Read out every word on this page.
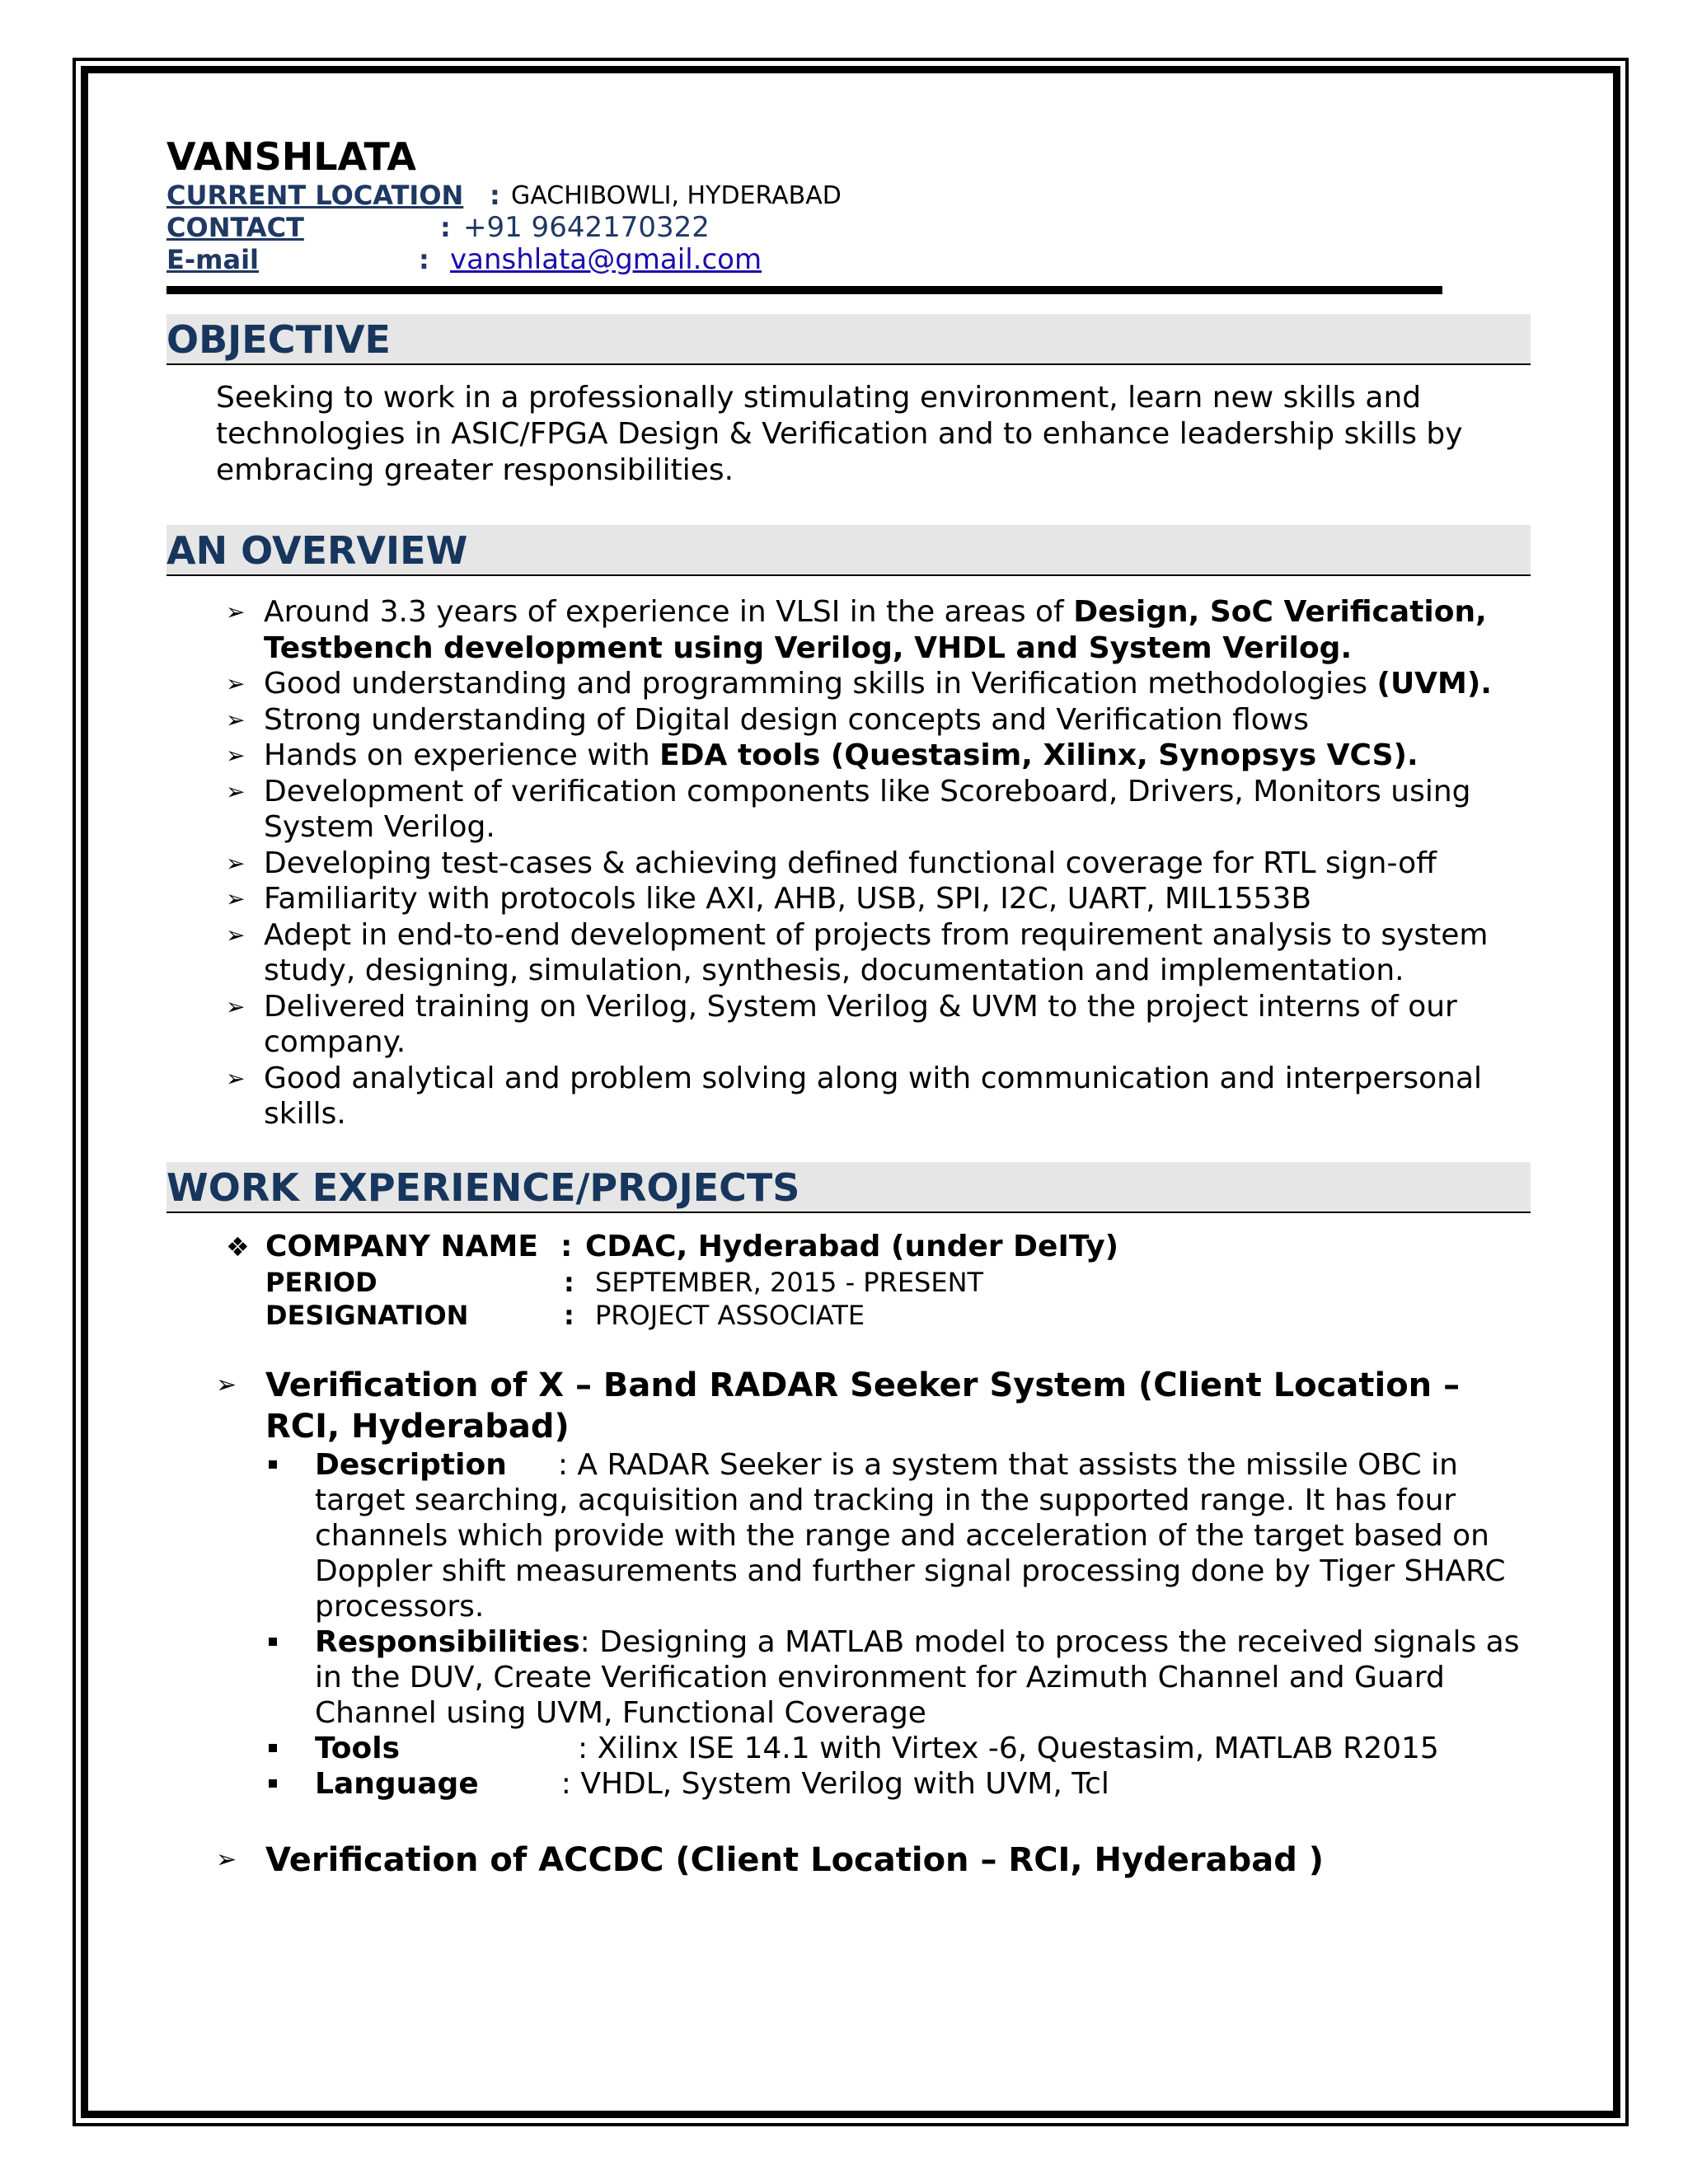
VANSHLATA
CURRENT LOCATION : GACHIBOWLI, HYDERABAD
CONTACT	: +91 9642170322
E-mail	: vanshlata@gmail.com
OBJECTIVE
Seeking to work in a professionally stimulating environment, learn new skills and technologies in ASIC/FPGA Design & Verification and to enhance leadership skills by embracing greater responsibilities.
AN OVERVIEW
➢ Around 3.3 years of experience in VLSI in the areas of Design, SoC Verification, Testbench development using Verilog, VHDL and System Verilog.
➢ Good understanding and programming skills in Verification methodologies (UVM).
➢ Strong understanding of Digital design concepts and Verification flows
➢ Hands on experience with EDA tools (Questasim, Xilinx, Synopsys VCS).
➢ Development of verification components like Scoreboard, Drivers, Monitors using System Verilog.
➢ Developing test-cases & achieving defined functional coverage for RTL sign-off
➢ Familiarity with protocols like AXI, AHB, USB, SPI, I2C, UART, MIL1553B
➢ Adept in end-to-end development of projects from requirement analysis to system study, designing, simulation, synthesis, documentation and implementation.
➢ Delivered training on Verilog, System Verilog & UVM to the project interns of our company.
➢ Good analytical and problem solving along with communication and interpersonal skills.
WORK EXPERIENCE/PROJECTS
❖ COMPANY NAME : CDAC, Hyderabad (under DeITy)
PERIOD	: SEPTEMBER, 2015 - PRESENT
DESIGNATION	: PROJECT ASSOCIATE
➢ Verification of X – Band RADAR Seeker System (Client Location – RCI, Hyderabad)
Description : A RADAR Seeker is a system that assists the missile OBC in target searching, acquisition and tracking in the supported range. It has four channels which provide with the range and acceleration of the target based on Doppler shift measurements and further signal processing done by Tiger SHARC processors.
Responsibilities: Designing a MATLAB model to process the received signals as in the DUV, Create Verification environment for Azimuth Channel and Guard Channel using UVM, Functional Coverage
Tools	: Xilinx ISE 14.1 with Virtex -6, Questasim, MATLAB R2015
Language	: VHDL, System Verilog with UVM, Tcl
➢ Verification of ACCDC (Client Location – RCI, Hyderabad )
